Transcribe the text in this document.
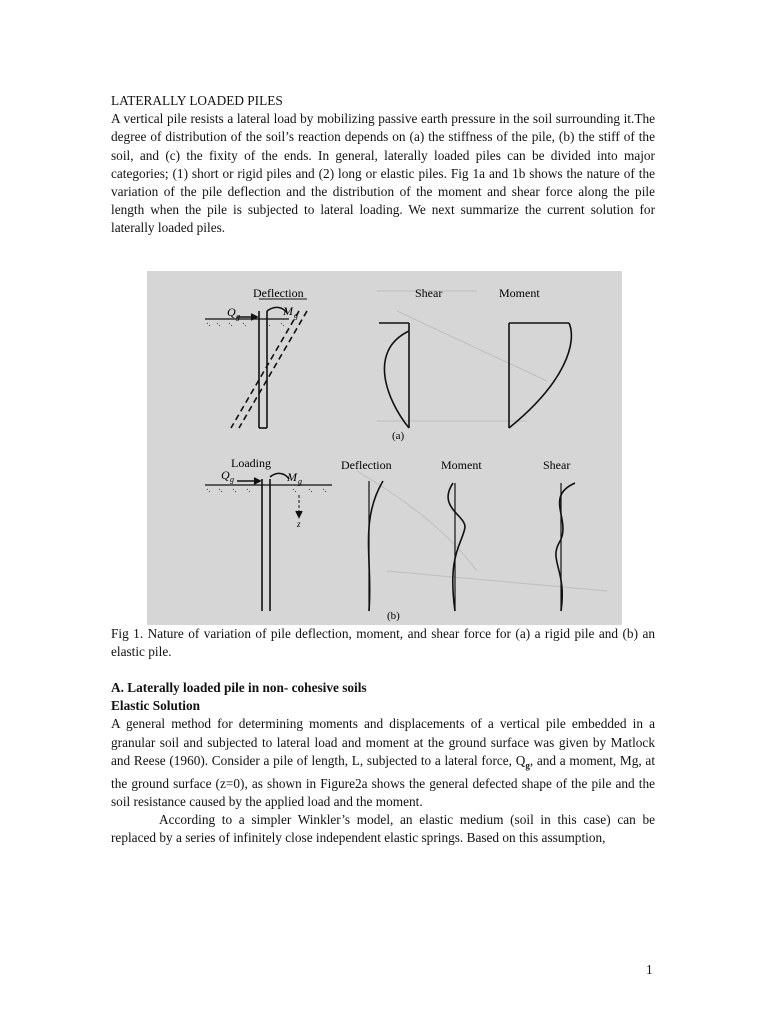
LATERALLY LOADED PILES

A vertical pile resists a lateral load by mobilizing passive earth pressure in the soil surrounding it.The degree of distribution of the soil’s reaction depends on (a) the stiffness of the pile, (b) the stiff of the soil, and (c) the fixity of the ends. In general, laterally loaded piles can be divided into major categories; (1) short or rigid piles and (2) long or elastic piles. Fig 1a and 1b shows the nature of the variation of the pile deflection and the distribution of the moment and shear force along the pile length when the pile is subjected to lateral loading. We next summarize the current solution for laterally loaded piles.

Deflection	Shear	Moment
Q g	M g
(a)
Loading	Deflection	Moment	Shear
Q g	M g
z
(b)

Fig 1. Nature of variation of pile deflection, moment, and shear force for (a) a rigid pile and (b) an elastic pile.

A. Laterally loaded pile in non- cohesive soils
Elastic Solution

A general method for determining moments and displacements of a vertical pile embedded in a granular soil and subjected to lateral load and moment at the ground surface was given by Matlock and Reese (1960). Consider a pile of length, L, subjected to a lateral force, $Q_g$, and a moment, Mg, at the ground surface (z=0), as shown in Figure2a shows the general defected shape of the pile and the soil resistance caused by the applied load and the moment.

According to a simpler Winkler’s model, an elastic medium (soil in this case) can be replaced by a series of infinitely close independent elastic springs. Based on this assumption,

1
